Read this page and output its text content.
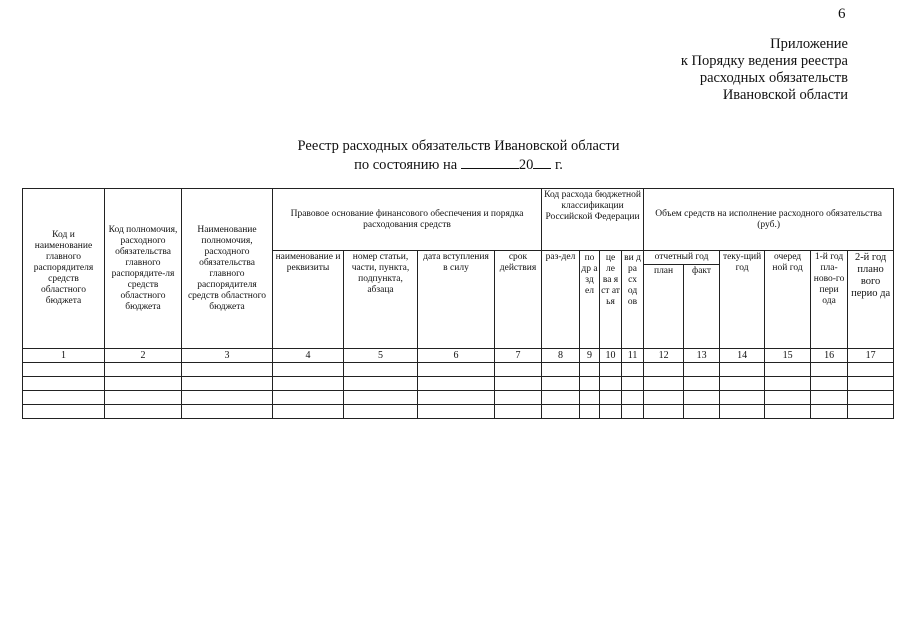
6
Приложение
к Порядку ведения реестра
расходных обязательств
Ивановской области
Реестр расходных обязательств Ивановской области
по состоянию на	20 г.
Код и наименование главного распорядителя средств областного бюджета	Код полномочия, расходного обязательства главного распорядите-ля средств областного бюджета	Наименование полномочия, расходного обязательства главного распорядителя средств областного бюджета	Правовое основание финансового обеспечения и порядка расходования средств				Код расхода бюджетной классификации Российской Федерации				Объем средств на исполнение расходного обязательства (руб.)					
			наименование и реквизиты	номер статьи, части, пункта, подпункта, абзаца	дата вступления в силу	срок действия	раз-дел	по др а зд ел	це ле ва я ст ат ья	ви д ра сх од ов	отчетный год		теку-щий год	очеред ной год	1-й год пла-ново-го пери ода	2-й год плано вого перио да
											план	факт				
1	2	3	4	5	6	7	8	9	10	11	12	13	14	15	16	17
